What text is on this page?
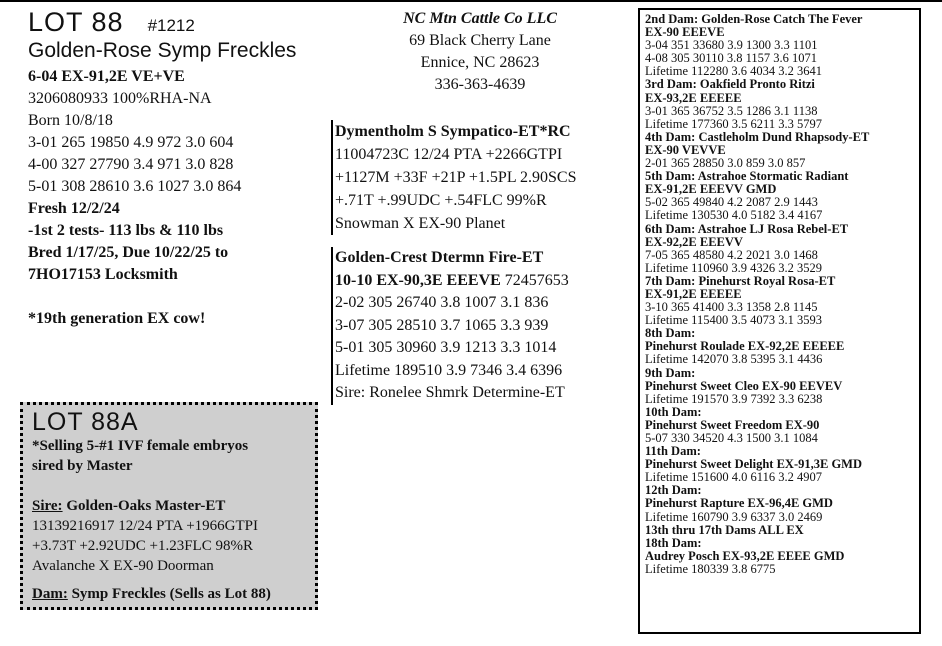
LOT 88 #1212
Golden-Rose Symp Freckles
6-04 EX-91,2E VE+VE
3206080933 100%RHA-NA
Born 10/8/18
3-01 265 19850 4.9 972 3.0 604
4-00 327 27790 3.4 971 3.0 828
5-01 308 28610 3.6 1027 3.0 864
Fresh 12/2/24
-1st 2 tests- 113 lbs & 110 lbs
Bred 1/17/25, Due 10/22/25 to
7HO17153 Locksmith

*19th generation EX cow!
LOT 88A
*Selling 5-#1 IVF female embryos
sired by Master

Sire: Golden-Oaks Master-ET
13139216917 12/24 PTA +1966GTPI
+3.73T +2.92UDC +1.23FLC 98%R
Avalanche X EX-90 Doorman

Dam: Symp Freckles (Sells as Lot 88)
NC Mtn Cattle Co LLC
69 Black Cherry Lane
Ennice, NC 28623
336-363-4639
Dymentholm S Sympatico-ET*RC
11004723C 12/24 PTA +2266GTPI
+1127M +33F +21P +1.5PL 2.90SCS
+.71T +.99UDC +.54FLC 99%R
Snowman X EX-90 Planet
Golden-Crest Dtermn Fire-ET
10-10 EX-90,3E EEEVE 72457653
2-02 305 26740 3.8 1007 3.1 836
3-07 305 28510 3.7 1065 3.3 939
5-01 305 30960 3.9 1213 3.3 1014
Lifetime 189510 3.9 7346 3.4 6396
Sire: Ronelee Shmrk Determine-ET
2nd Dam: Golden-Rose Catch The Fever
EX-90 EEEVE
3-04 351 33680 3.9 1300 3.3 1101
4-08 305 30110 3.8 1157 3.6 1071
Lifetime 112280 3.6 4034 3.2 3641
3rd Dam: Oakfield Pronto Ritzi
EX-93,2E EEEEE
3-01 365 36752 3.5 1286 3.1 1138
Lifetime 177360 3.5 6211 3.3 5797
4th Dam: Castleholm Dund Rhapsody-ET
EX-90 VEVVE
2-01 365 28850 3.0 859 3.0 857
5th Dam: Astrahoe Stormatic Radiant
EX-91,2E EEEVV GMD
5-02 365 49840 4.2 2087 2.9 1443
Lifetime 130530 4.0 5182 3.4 4167
6th Dam: Astrahoe LJ Rosa Rebel-ET
EX-92,2E EEEVV
7-05 365 48580 4.2 2021 3.0 1468
Lifetime 110960 3.9 4326 3.2 3529
7th Dam: Pinehurst Royal Rosa-ET
EX-91,2E EEEEE
3-10 365 41400 3.3 1358 2.8 1145
Lifetime 115400 3.5 4073 3.1 3593
8th Dam:
Pinehurst Roulade EX-92,2E EEEEE
Lifetime 142070 3.8 5395 3.1 4436
9th Dam:
Pinehurst Sweet Cleo EX-90 EEVEV
Lifetime 191570 3.9 7392 3.3 6238
10th Dam:
Pinehurst Sweet Freedom EX-90
5-07 330 34520 4.3 1500 3.1 1084
11th Dam:
Pinehurst Sweet Delight EX-91,3E GMD
Lifetime 151600 4.0 6116 3.2 4907
12th Dam:
Pinehurst Rapture EX-96,4E GMD
Lifetime 160790 3.9 6337 3.0 2469
13th thru 17th Dams ALL EX
18th Dam:
Audrey Posch EX-93,2E EEEE GMD
Lifetime 180339 3.8 6775
